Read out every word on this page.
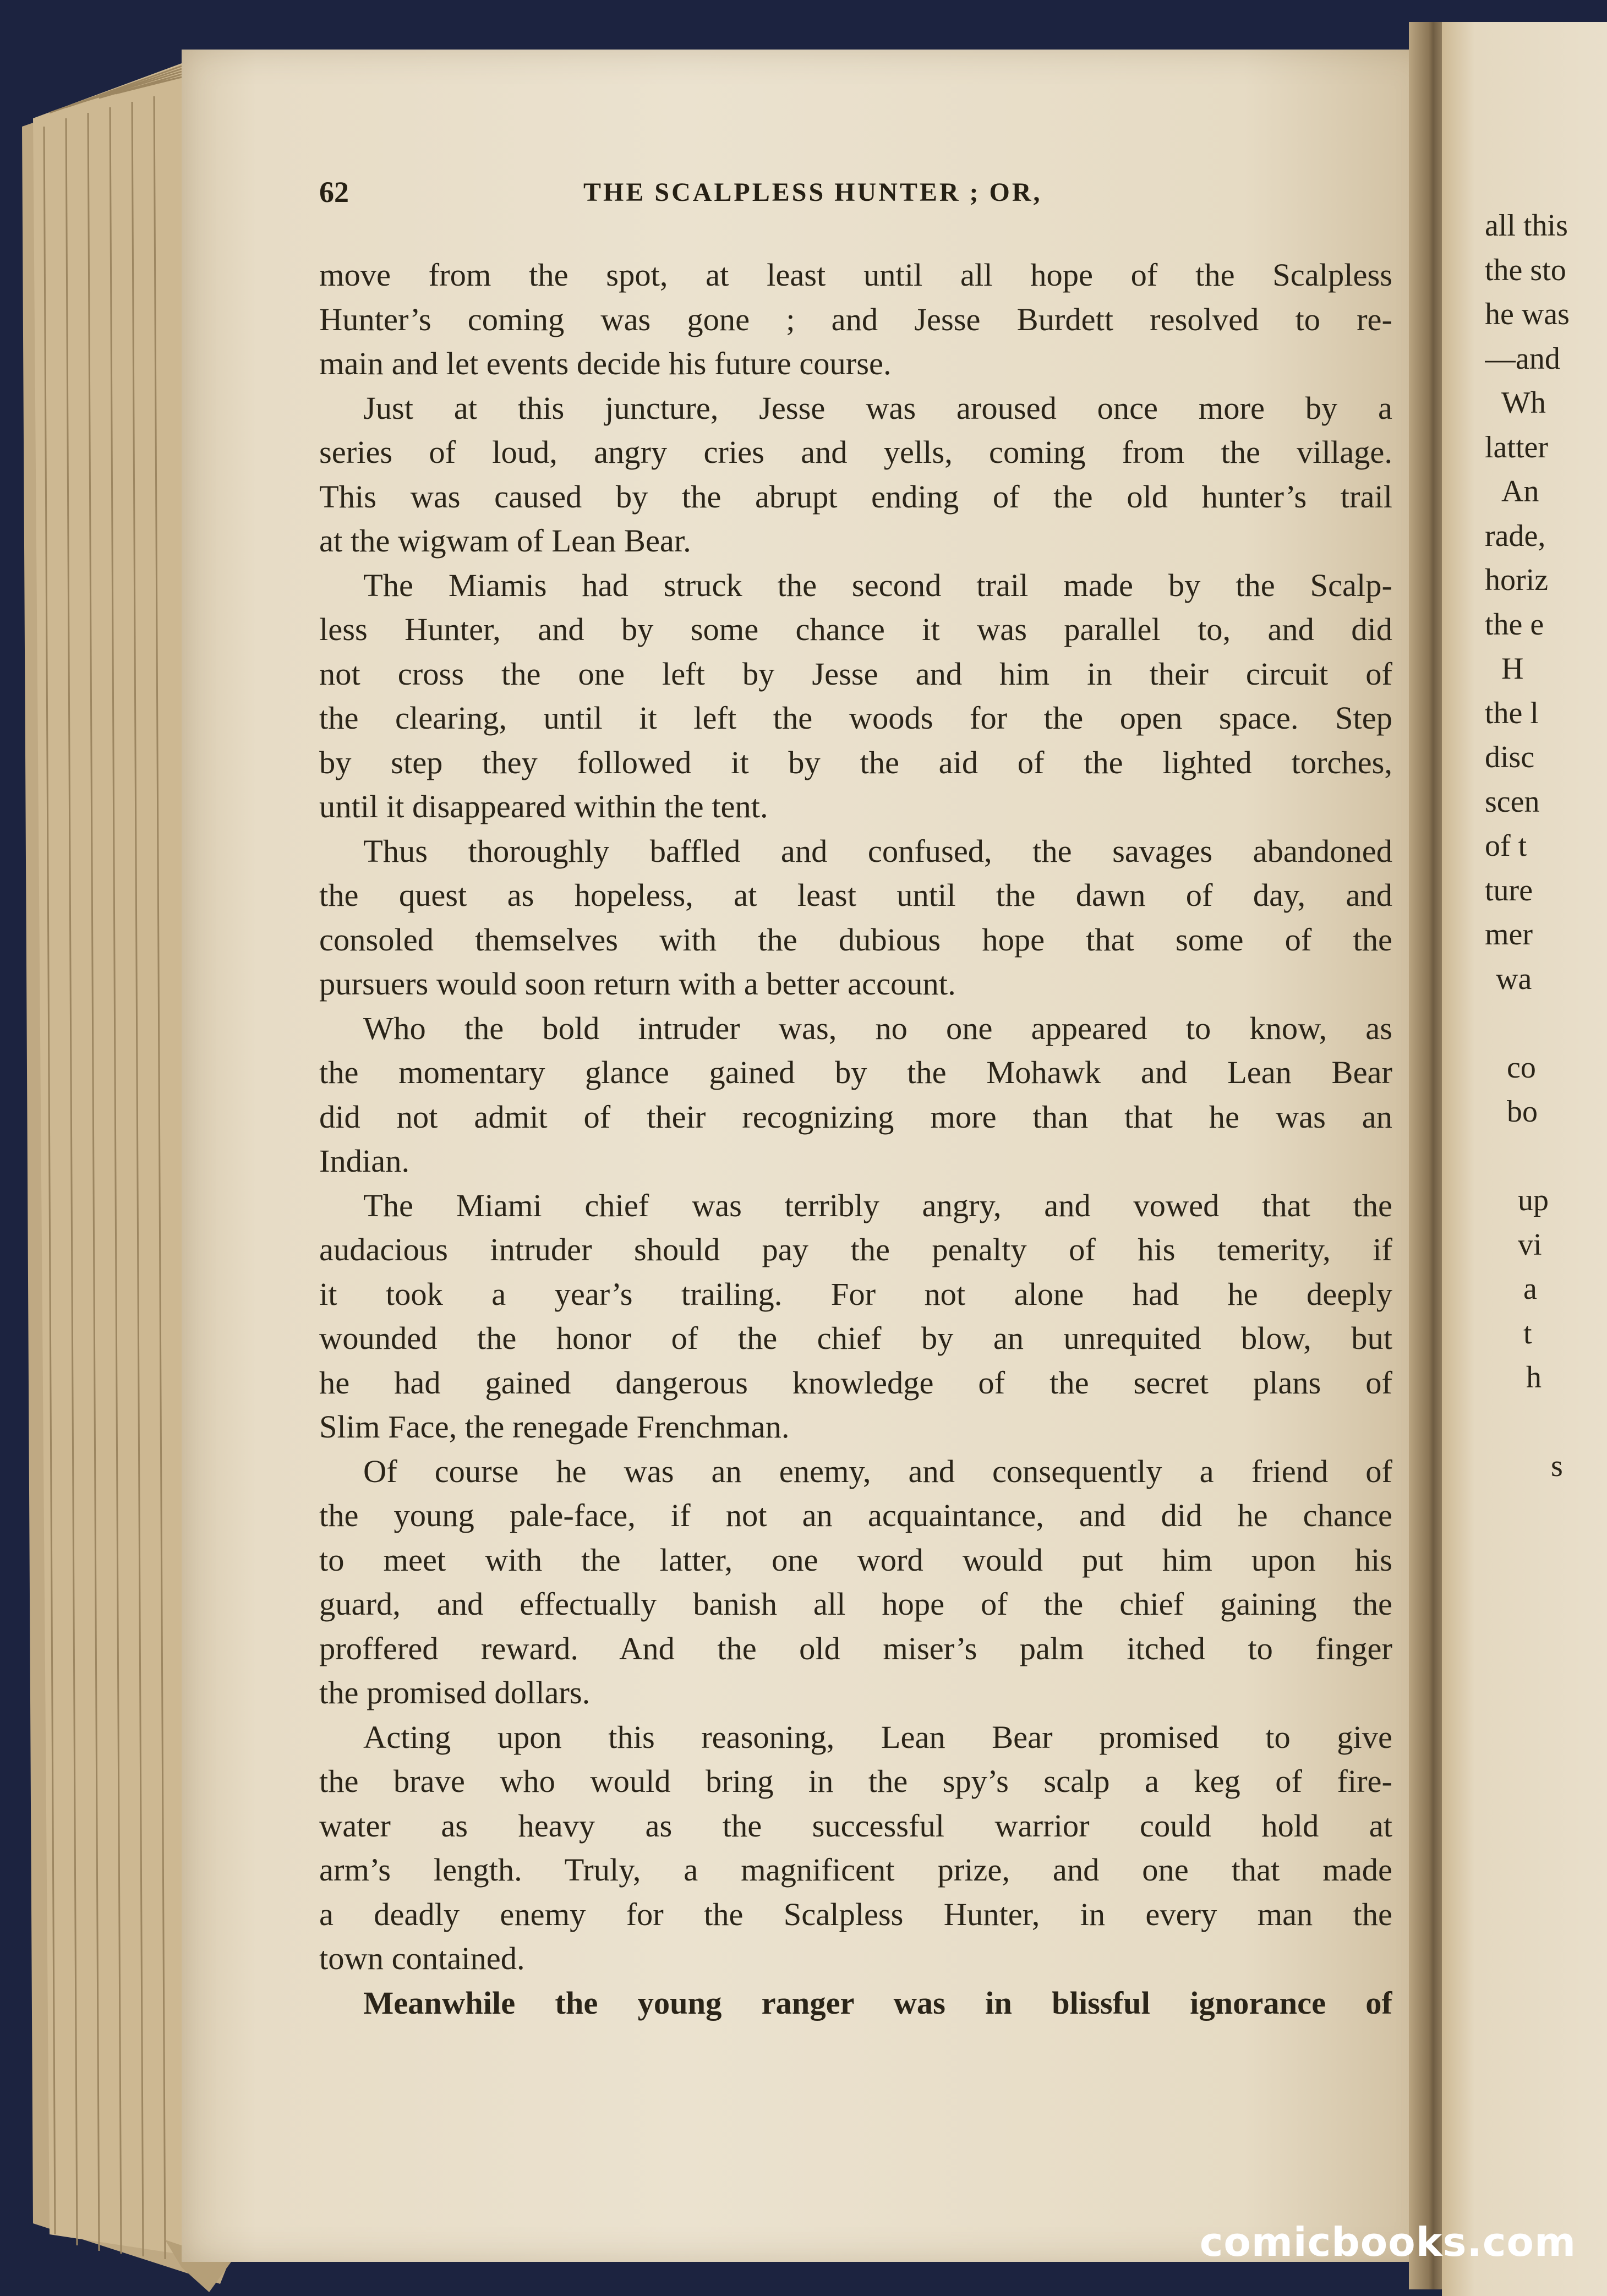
62	THE SCALPLESS HUNTER ; OR,
move from the spot, at least until all hope of the Scalpless
Hunter’s coming was gone ; and Jesse Burdett resolved to re-
main and let events decide his future course.
Just at this juncture, Jesse was aroused once more by a
series of loud, angry cries and yells, coming from the village.
This was caused by the abrupt ending of the old hunter’s trail
at the wigwam of Lean Bear.
The Miamis had struck the second trail made by the Scalp-
less Hunter, and by some chance it was parallel to, and did
not cross the one left by Jesse and him in their circuit of
the clearing, until it left the woods for the open space. Step
by step they followed it by the aid of the lighted torches,
until it disappeared within the tent.
Thus thoroughly baffled and confused, the savages abandoned
the quest as hopeless, at least until the dawn of day, and
consoled themselves with the dubious hope that some of the
pursuers would soon return with a better account.
Who the bold intruder was, no one appeared to know, as
the momentary glance gained by the Mohawk and Lean Bear
did not admit of their recognizing more than that he was an
Indian.
The Miami chief was terribly angry, and vowed that the
audacious intruder should pay the penalty of his temerity, if
it took a year’s trailing. For not alone had he deeply
wounded the honor of the chief by an unrequited blow, but
he had gained dangerous knowledge of the secret plans of
Slim Face, the renegade Frenchman.
Of course he was an enemy, and consequently a friend of
the young pale-face, if not an acquaintance, and did he chance
to meet with the latter, one word would put him upon his
guard, and effectually banish all hope of the chief gaining the
proffered reward. And the old miser’s palm itched to finger
the promised dollars.
Acting upon this reasoning, Lean Bear promised to give
the brave who would bring in the spy’s scalp a keg of fire-
water as heavy as the successful warrior could hold at
arm’s length. Truly, a magnificent prize, and one that made
a deadly enemy for the Scalpless Hunter, in every man the
town contained.
Meanwhile the young ranger was in blissful ignorance of
all this
the sto
he was
—and
Wh
latter
An
rade,
horiz
the e
H
the l
disc
scen
of t
ture
mer
wa
co
bo
up
vi
a
t
h
s
comicbooks.com
